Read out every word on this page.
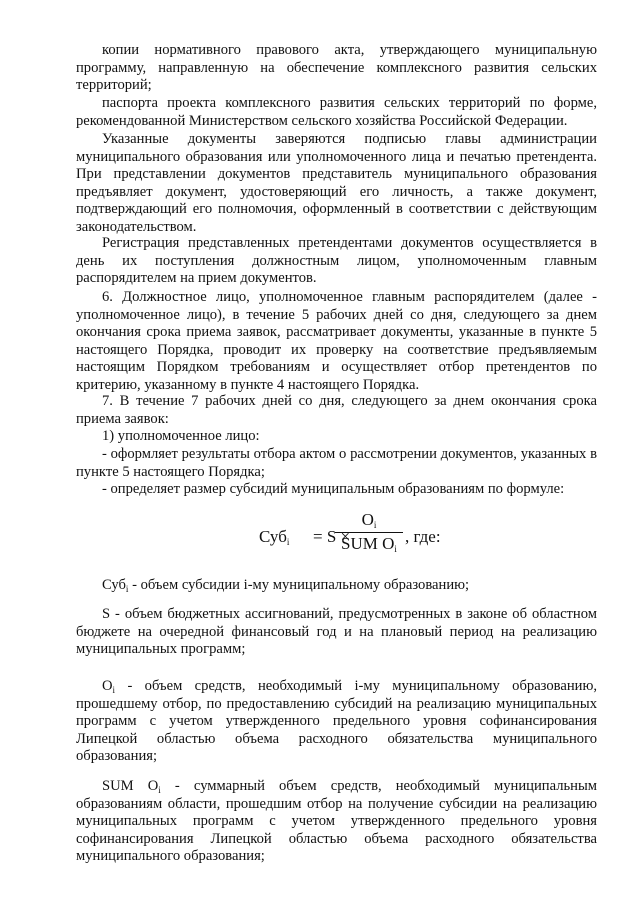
копии нормативного правового акта, утверждающего муниципальную программу, направленную на обеспечение комплексного развития сельских территорий;

паспорта проекта комплексного развития сельских территорий по форме, рекомендованной Министерством сельского хозяйства Российской Федерации.

Указанные документы заверяются подписью главы администрации муниципального образования или уполномоченного лица и печатью претендента. При представлении документов представитель муниципального образования предъявляет документ, удостоверяющий его личность, а также документ, подтверждающий его полномочия, оформленный в соответствии с действующим законодательством.

Регистрация представленных претендентами документов осуществляется в день их поступления должностным лицом, уполномоченным главным распорядителем на прием документов.

6. Должностное лицо, уполномоченное главным распорядителем (далее - уполномоченное лицо), в течение 5 рабочих дней со дня, следующего за днем окончания срока приема заявок, рассматривает документы, указанные в пункте 5 настоящего Порядка, проводит их проверку на соответствие предъявляемым настоящим Порядком требованиям и осуществляет отбор претендентов по критерию, указанному в пункте 4 настоящего Порядка.

7. В течение 7 рабочих дней со дня, следующего за днем окончания срока приема заявок:

1) уполномоченное лицо:

- оформляет результаты отбора актом о рассмотрении документов, указанных в пункте 5 настоящего Порядка;

- определяет размер субсидий муниципальным образованиям по формуле:

Суб$_i$ = S ×
$O_i$
SUM $O_i$
, где:

Суб$_i$ - объем субсидии i-му муниципальному образованию;

S - объем бюджетных ассигнований, предусмотренных в законе об областном бюджете на очередной финансовый год и на плановый период на реализацию муниципальных программ;

$O_i$ - объем средств, необходимый i-му муниципальному образованию, прошедшему отбор, по предоставлению субсидий на реализацию муниципальных программ с учетом утвержденного предельного уровня софинансирования Липецкой областью объема расходного обязательства муниципального образования;

SUM $O_i$ - суммарный объем средств, необходимый муниципальным образованиям области, прошедшим отбор на получение субсидии на реализацию муниципальных программ с учетом утвержденного предельного уровня софинансирования Липецкой областью объема расходного обязательства муниципального образования;
